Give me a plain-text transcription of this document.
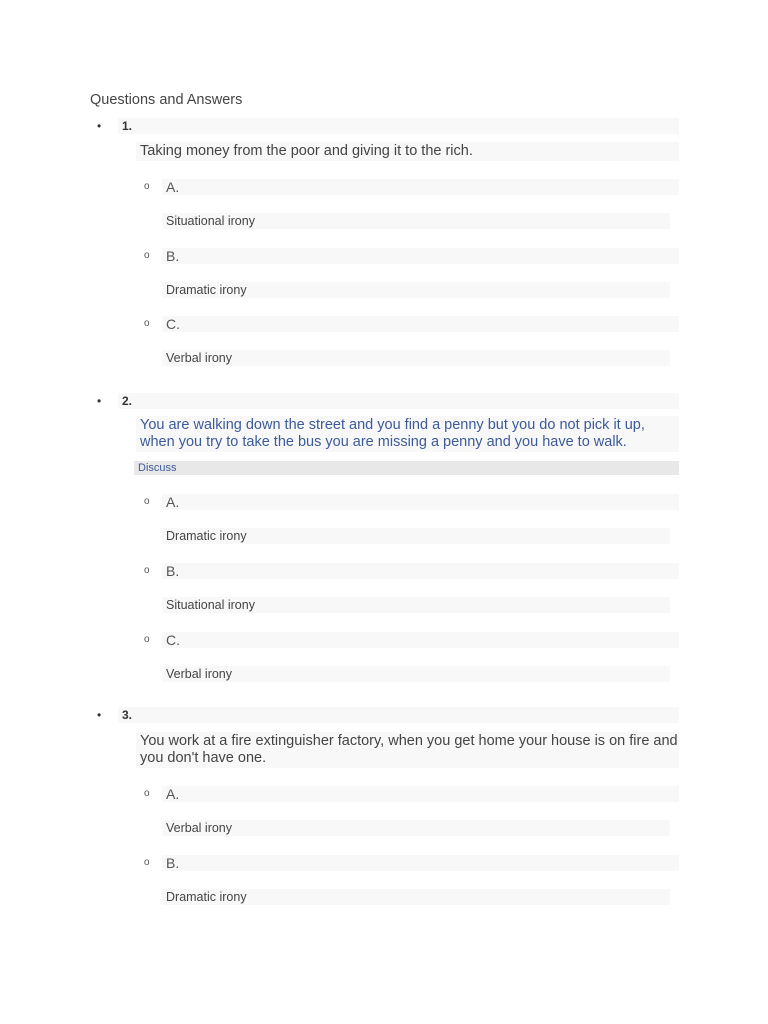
Questions and Answers
• 1.
Taking money from the poor and giving it to the rich.
o A.
Situational irony
o B.
Dramatic irony
o C.
Verbal irony
• 2.
You are walking down the street and you find a penny but you do not pick it up, when you try to take the bus you are missing a penny and you have to walk.
Discuss
o A.
Dramatic irony
o B.
Situational irony
o C.
Verbal irony
• 3.
You work at a fire extinguisher factory, when you get home your house is on fire and you don't have one.
o A.
Verbal irony
o B.
Dramatic irony
